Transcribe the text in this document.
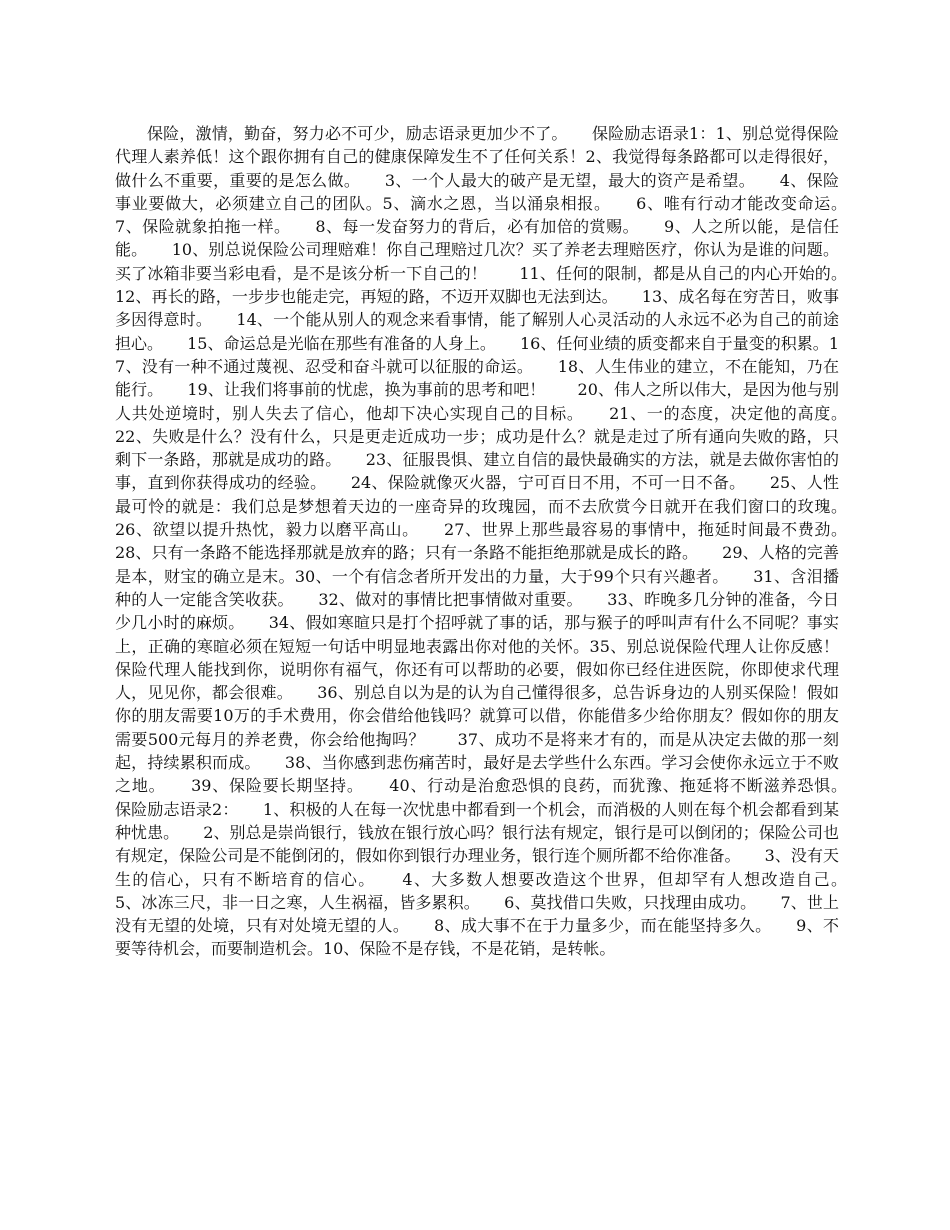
保险，激情，勤奋，努力必不可少，励志语录更加少不了。　　保险励志语录1：1、别总觉得保险代理人素养低！这个跟你拥有自己的健康保障发生不了任何关系！2、我觉得每条路都可以走得很好，做什么不重要，重要的是怎么做。　　3、一个人最大的破产是无望，最大的资产是希望。　　4、保险事业要做大，必须建立自己的团队。5、滴水之恩，当以涌泉相报。　　6、唯有行动才能改变命运。　　7、保险就象拍拖一样。　　8、每一发奋努力的背后，必有加倍的赏赐。　　9、人之所以能，是信任能。　　10、别总说保险公司理赔难！你自己理赔过几次？买了养老去理赔医疗，你认为是谁的问题。买了冰箱非要当彩电看，是不是该分析一下自己的！　　11、任何的限制，都是从自己的内心开始的。　　12、再长的路，一步步也能走完，再短的路，不迈开双脚也无法到达。　　13、成名每在穷苦日，败事多因得意时。　　14、一个能从别人的观念来看事情，能了解别人心灵活动的人永远不必为自己的前途担心。　　15、命运总是光临在那些有准备的人身上。　　16、任何业绩的质变都来自于量变的积累。17、没有一种不通过蔑视、忍受和奋斗就可以征服的命运。　　18、人生伟业的建立，不在能知，乃在能行。　　19、让我们将事前的忧虑，换为事前的思考和吧！　　20、伟人之所以伟大，是因为他与别人共处逆境时，别人失去了信心，他却下决心实现自己的目标。　　21、一的态度，决定他的高度。　　22、失败是什么？没有什么，只是更走近成功一步；成功是什么？就是走过了所有通向失败的路，只剩下一条路，那就是成功的路。　　23、征服畏惧、建立自信的最快最确实的方法，就是去做你害怕的事，直到你获得成功的经验。　　24、保险就像灭火器，宁可百日不用，不可一日不备。　　25、人性最可怜的就是：我们总是梦想着天边的一座奇异的玫瑰园，而不去欣赏今日就开在我们窗口的玫瑰。　　26、欲望以提升热忱，毅力以磨平高山。　　27、世界上那些最容易的事情中，拖延时间最不费劲。　　28、只有一条路不能选择那就是放弃的路；只有一条路不能拒绝那就是成长的路。　　29、人格的完善是本，财宝的确立是末。30、一个有信念者所开发出的力量，大于99个只有兴趣者。　　31、含泪播种的人一定能含笑收获。　　32、做对的事情比把事情做对重要。　　33、昨晚多几分钟的准备，今日少几小时的麻烦。　　34、假如寒暄只是打个招呼就了事的话，那与猴子的呼叫声有什么不同呢？事实上，正确的寒暄必须在短短一句话中明显地表露出你对他的关怀。35、别总说保险代理人让你反感！保险代理人能找到你，说明你有福气，你还有可以帮助的必要，假如你已经住进医院，你即使求代理人，见见你，都会很难。　　36、别总自以为是的认为自己懂得很多，总告诉身边的人别买保险！假如你的朋友需要10万的手术费用，你会借给他钱吗？就算可以借，你能借多少给你朋友？假如你的朋友需要500元每月的养老费，你会给他掏吗？　　37、成功不是将来才有的，而是从决定去做的那一刻起，持续累积而成。　　38、当你感到悲伤痛苦时，最好是去学些什么东西。学习会使你永远立于不败之地。　　39、保险要长期坚持。　　40、行动是治愈恐惧的良药，而犹豫、拖延将不断滋养恐惧。　　保险励志语录2：　　1、积极的人在每一次忧患中都看到一个机会，而消极的人则在每个机会都看到某种忧患。　　2、别总是崇尚银行，钱放在银行放心吗？银行法有规定，银行是可以倒闭的；保险公司也有规定，保险公司是不能倒闭的，假如你到银行办理业务，银行连个厕所都不给你准备。　　3、没有天生的信心，只有不断培育的信心。　　4、大多数人想要改造这个世界，但却罕有人想改造自己。　　5、冰冻三尺，非一日之寒，人生祸福，皆多累积。　　6、莫找借口失败，只找理由成功。　　7、世上没有无望的处境，只有对处境无望的人。　　8、成大事不在于力量多少，而在能坚持多久。　　9、不要等待机会，而要制造机会。10、保险不是存钱，不是花销，是转帐。
